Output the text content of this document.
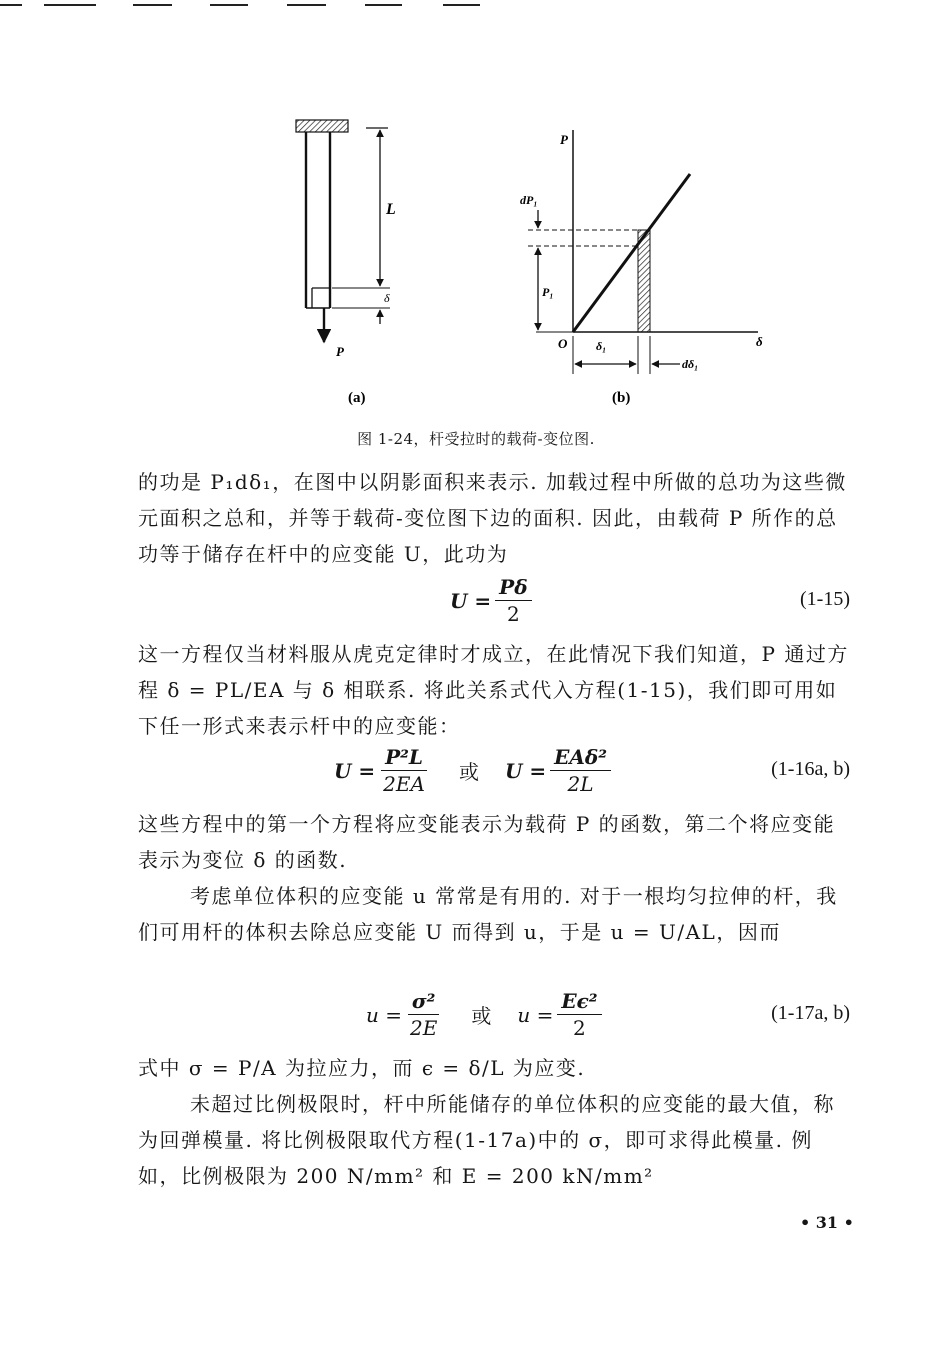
L
δ
P
(a)
P
δ
O
dP₁
P₁
δ₁
dδ₁
(b)
图 1-24，杆受拉时的载荷-变位图.

的功是 P₁dδ₁，在图中以阴影面积来表示. 加载过程中所做的总功为这些微元面积之总和，并等于载荷-变位图下边的面积. 因此，由载荷 P 所作的总功等于储存在杆中的应变能 U，此功为

$U = \frac{P\delta}{2}$	(1-15)

这一方程仅当材料服从虎克定律时才成立，在此情况下我们知道，P 通过方程 δ = PL/EA 与 δ 相联系. 将此关系式代入方程(1-15)，我们即可用如下任一形式来表示杆中的应变能：

$U = \frac{\text{P²L}}{2EA}$ 或 $U = \frac{\text{EAδ²}}{2L}$	(1-16a, b)

这些方程中的第一个方程将应变能表示为载荷 P 的函数，第二个将应变能表示为变位 δ 的函数.

考虑单位体积的应变能 u 常常是有用的. 对于一根均匀拉伸的杆，我们可用杆的体积去除总应变能 U 而得到 u，于是 u = U/AL，因而

$u = \frac{\text{σ²}}{2E}$ 或 $u = \frac{\text{Eϵ²}}{2}$	(1-17a, b)

式中 σ = P/A 为拉应力，而 ϵ = δ/L 为应变.

未超过比例极限时，杆中所能储存的单位体积的应变能的最大值，称为回弹模量. 将比例极限取代方程(1-17a)中的 σ，即可求得此模量. 例如，比例极限为 200 N/mm² 和 E = 200 kN/mm²

• 31 •
